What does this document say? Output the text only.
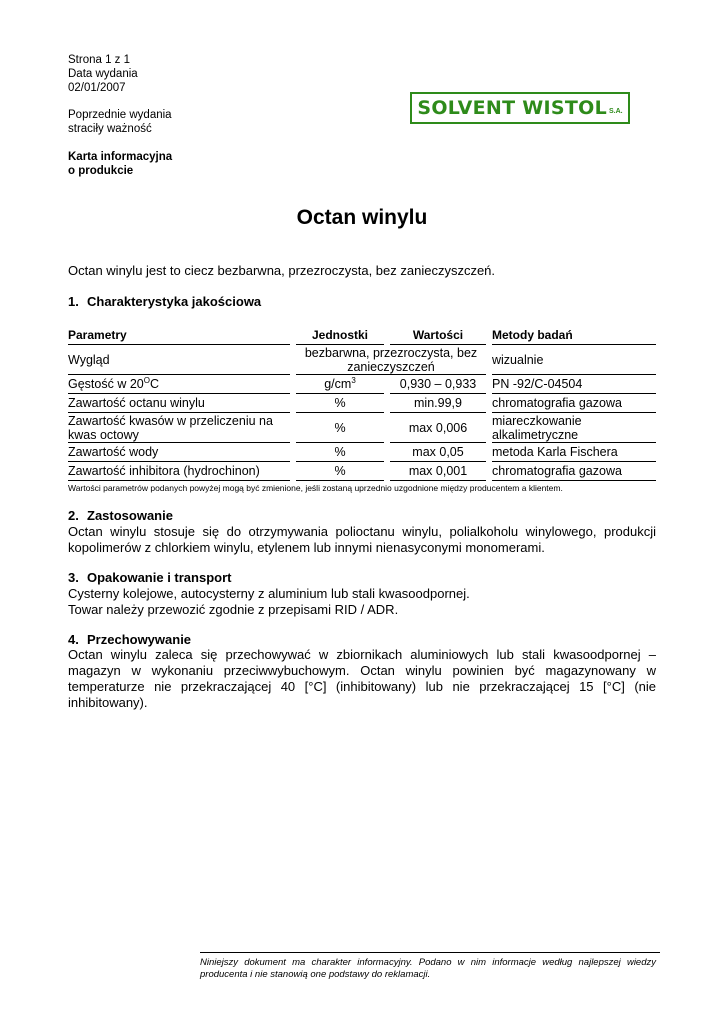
Strona 1 z 1
Data wydania
02/01/2007
Poprzednie wydania
straciły ważność
Karta informacyjna
o produkcie
SOLVENT WISTOL S.A.
Octan winylu
Octan winylu jest to ciecz bezbarwna, przezroczysta, bez zanieczyszczeń.
1. Charakterystyka jakościowa
Parametry		Jednostki		Wartości		Metody badań
Wygląd		bezbarwna, przezroczysta, bez zanieczyszczeń				wizualnie
Gęstość w $20^OC$		$g/cm^3$		0,930 – 0,933		PN -92/C-04504
Zawartość octanu winylu		%		min.99,9		chromatografia gazowa
Zawartość kwasów w przeliczeniu na kwas octowy		%		max 0,006		miareczkowanie alkalimetryczne
Zawartość wody		%		max 0,05		metoda Karla Fischera
Zawartość inhibitora (hydrochinon)		%		max 0,001		chromatografia gazowa
Wartości parametrów podanych powyżej mogą być zmienione, jeśli zostaną uprzednio uzgodnione między producentem a klientem.
2. Zastosowanie
Octan winylu stosuje się do otrzymywania polioctanu winylu, polialkoholu winylowego, produkcji kopolimerów z chlorkiem winylu, etylenem lub innymi nienasyconymi monomerami.
3. Opakowanie i transport
Cysterny kolejowe, autocysterny z aluminium lub stali kwasoodpornej.
Towar należy przewozić zgodnie z przepisami RID / ADR.
4. Przechowywanie
Octan winylu zaleca się przechowywać w zbiornikach aluminiowych lub stali kwasoodpornej – magazyn w wykonaniu przeciwwybuchowym. Octan winylu powinien być magazynowany w temperaturze nie przekraczającej 40 [°C] (inhibitowany) lub nie przekraczającej 15 [°C] (nie inhibitowany).
Niniejszy dokument ma charakter informacyjny. Podano w nim informacje według najlepszej wiedzy producenta i nie stanowią one podstawy do reklamacji.
